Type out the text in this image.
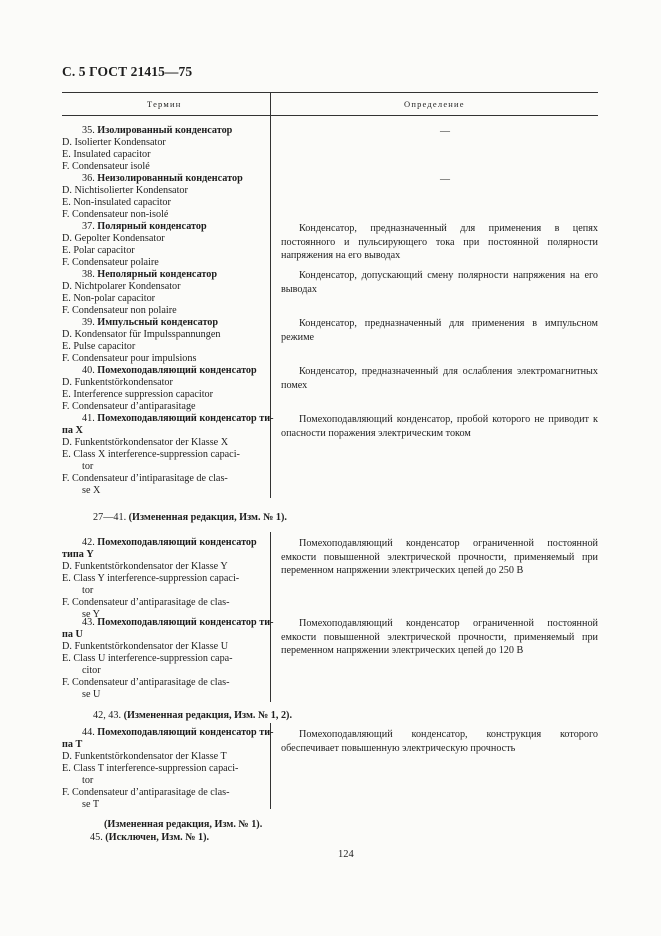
С. 5 ГОСТ 21415—75
Термин	Определение
35. Изолированный конденсатор
D. Isolierter Kondensator
E. Insulated capacitor
F. Condensateur isolé
—
36. Неизолированный конденсатор
D. Nichtisolierter Kondensator
E. Non-insulated capacitor
F. Condensateur non-isolé
—
37. Полярный конденсатор
D. Gepolter Kondensator
E. Polar capacitor
F. Condensateur polaire
Конденсатор, предназначенный для применения в цепях постоянного и пульсирующего тока при постоянной полярности напряжения на его выводах
38. Неполярный конденсатор
D. Nichtpolarer Kondensator
E. Non-polar capacitor
F. Condensateur non polaire
Конденсатор, допускающий смену полярности напряжения на его выводах
39. Импульсный конденсатор
D. Kondensator für Impulsspannungen
E. Pulse capacitor
F. Condensateur pour impulsions
Конденсатор, предназначенный для применения в импульсном режиме
40. Помехоподавляющий конденсатор
D. Funkentstörkondensator
E. Interference suppression capacitor
F. Condensateur d’antiparasitage
Конденсатор, предназначенный для ослабления электромагнитных помех
41. Помехоподавляющий конденсатор ти-
па X
D. Funkentstörkondensator der Klasse X
E. Class X interference-suppression capaci-
tor
F. Condensateur d’intiparasitage de clas-
se X
Помехоподавляющий конденсатор, пробой которого не приводит к опасности поражения электрическим током
27—41. (Измененная редакция, Изм. № 1).
42. Помехоподавляющий конденсатор
типа Y
D. Funkentstörkondensator der Klasse Y
E. Class Y interference-suppression capaci-
tor
F. Condensateur d’antiparasitage de clas-
se Y
Помехоподавляющий конденсатор ограниченной постоянной емкости повышенной электрической прочности, применяемый при переменном напряжении электрических цепей до 250 В
43. Помехоподавляющий конденсатор ти-
па U
D. Funkentstörkondensator der Klasse U
E. Class U interference-suppression capa-
citor
F. Condensateur d’antiparasitage de clas-
se U
Помехоподавляющий конденсатор ограниченной постоянной емкости повышенной электрической прочности, применяемый при переменном напряжении электрических цепей до 120 В
42, 43. (Измененная редакция, Изм. № 1, 2).
44. Помехоподавляющий конденсатор ти-
па T
D. Funkentstörkondensator der Klasse T
E. Class T interference-suppression capaci-
tor
F. Condensateur d’antiparasitage de clas-
se T
Помехоподавляющий конденсатор, конструкция которого обеспечивает повышенную электрическую прочность
(Измененная редакция, Изм. № 1).
45. (Исключен, Изм. № 1).
124
